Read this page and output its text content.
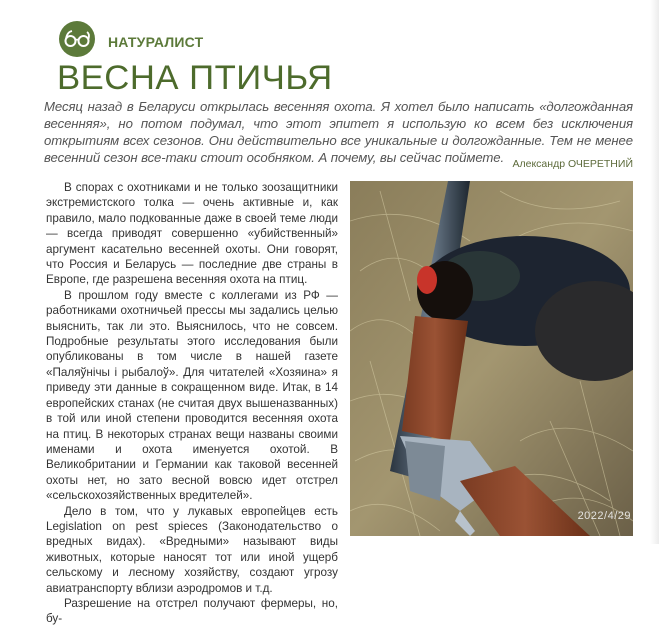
НАТУРАЛИСТ
ВЕСНА ПТИЧЬЯ

Месяц назад в Беларуси открылась весенняя охота. Я хотел было написать «долгожданная весенняя», но потом подумал, что этот эпитет я использую ко всем без исключения открытиям всех сезонов. Они действительно все уникальные и долгожданные. Тем не менее весенний сезон все-таки стоит особняком. А почему, вы сейчас поймете. Александр ОЧЕРЕТНИЙ

В спорах с охотниками и не только зоозащитники экстремистского толка — очень активные и, как правило, мало подкованные даже в своей теме люди — всегда приводят совершенно «убийственный» аргумент касательно весенней охоты. Они говорят, что Россия и Беларусь — последние две страны в Европе, где разрешена весенняя охота на птиц.

В прошлом году вместе с коллегами из РФ — работниками охотничьей прессы мы задались целью выяснить, так ли это. Выяснилось, что не совсем. Подробные результаты этого исследования были опубликованы в том числе в нашей газете «Паляўнічы і рыбалоў». Для читателей «Хозяина» я приведу эти данные в сокращенном виде. Итак, в 14 европейских станах (не считая двух вышеназванных) в той или иной степени проводится весенняя охота на птиц. В некоторых странах вещи названы своими именами и охота именуется охотой. В Великобритании и Германии как таковой весенней охоты нет, но зато весной вовсю идет отстрел «сельскохозяйственных вредителей».

Дело в том, что у лукавых европейцев есть Legislation on pest spieces (Законодательство о вредных видах). «Вредными» называют виды животных, которые наносят тот или иной ущерб сельскому и лесному хозяйству, создают угрозу авиатранспорту вблизи аэродромов и т.д.

Разрешение на отстрел получают фермеры, но, бу-

2022/4/29
